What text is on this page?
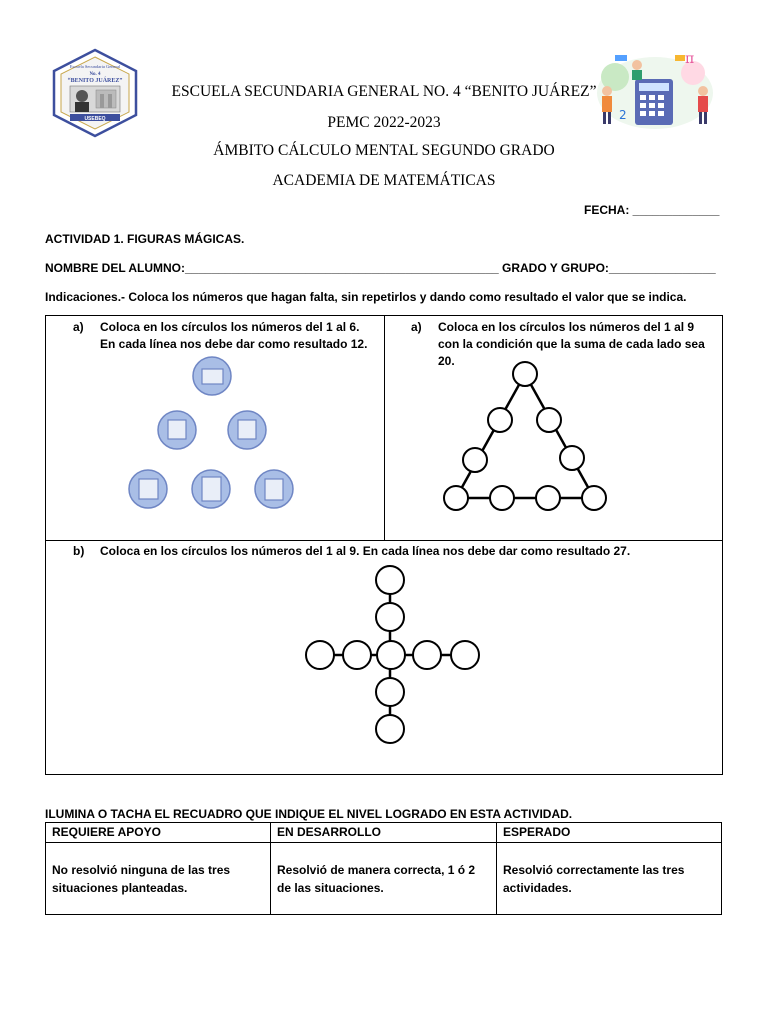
Escuela Secundaria General
No. 4
“BENITO JUÁREZ”
USEBEQ
ESCUELA SECUNDARIA GENERAL NO. 4 “BENITO JUÁREZ”
PEMC 2022-2023
ÁMBITO CÁLCULO MENTAL SEGUNDO GRADO
ACADEMIA DE MATEMÁTICAS
π
2
FECHA: _____________
ACTIVIDAD 1. FIGURAS MÁGICAS.
NOMBRE DEL ALUMNO:_______________________________________________ GRADO Y GRUPO:________________
Indicaciones.- Coloca los números que hagan falta, sin repetirlos y dando como resultado el valor que se indica.
a) Coloca en los círculos los números del 1 al 6. En cada línea nos debe dar como resultado 12.
a) Coloca en los círculos los números del 1 al 9 con la condición que la suma de cada lado sea 20.
b) Coloca en los círculos los números del 1 al 9. En cada línea nos debe dar como resultado 27.
ILUMINA O TACHA EL RECUADRO QUE INDIQUE EL NIVEL LOGRADO EN ESTA ACTIVIDAD.
REQUIERE APOYO	EN DESARROLLO	ESPERADO
No resolvió ninguna de las tres situaciones planteadas.	Resolvió de manera correcta, 1 ó 2 de las situaciones.	Resolvió correctamente las tres actividades.
